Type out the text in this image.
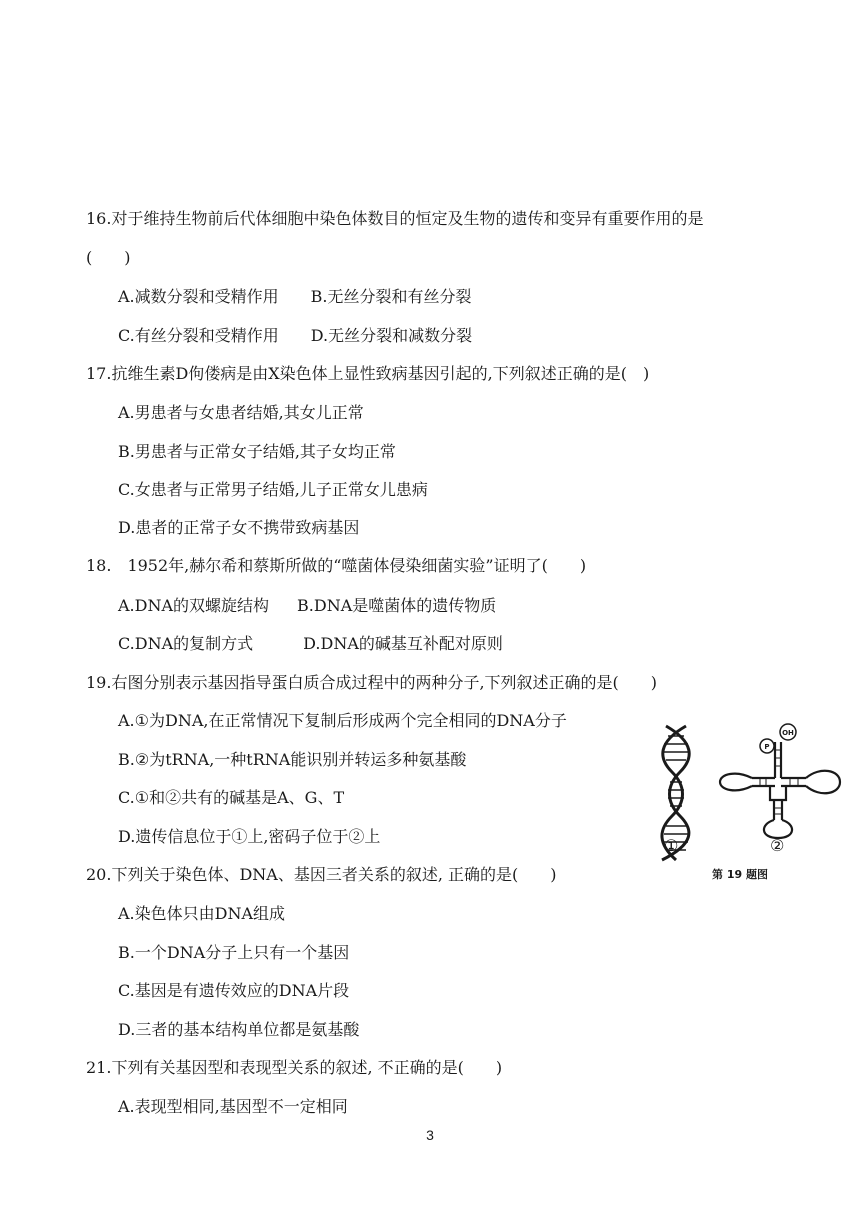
16.对于维持生物前后代体细胞中染色体数目的恒定及生物的遗传和变异有重要作用的是
(　　)
A.减数分裂和受精作用 B.无丝分裂和有丝分裂
C.有丝分裂和受精作用 D.无丝分裂和减数分裂
17.抗维生素D佝偻病是由X染色体上显性致病基因引起的,下列叙述正确的是(　)
A.男患者与女患者结婚,其女儿正常
B.男患者与正常女子结婚,其子女均正常
C.女患者与正常男子结婚,儿子正常女儿患病
D.患者的正常子女不携带致病基因
18.　1952年,赫尔希和蔡斯所做的“噬菌体侵染细菌实验”证明了(　　)
A.DNA的双螺旋结构 B.DNA是噬菌体的遗传物质
C.DNA的复制方式	D.DNA的碱基互补配对原则
19.右图分别表示基因指导蛋白质合成过程中的两种分子,下列叙述正确的是(　　)
A.①为DNA,在正常情况下复制后形成两个完全相同的DNA分子
B.②为tRNA,一种tRNA能识别并转运多种氨基酸
C.①和②共有的碱基是A、G、T
D.遗传信息位于①上,密码子位于②上
OH
P
①	②
第 19 题图
20.下列关于染色体、DNA、基因三者关系的叙述, 正确的是(　　)
A.染色体只由DNA组成
B.一个DNA分子上只有一个基因
C.基因是有遗传效应的DNA片段
D.三者的基本结构单位都是氨基酸
21.下列有关基因型和表现型关系的叙述, 不正确的是(　　)
A.表现型相同,基因型不一定相同
3
